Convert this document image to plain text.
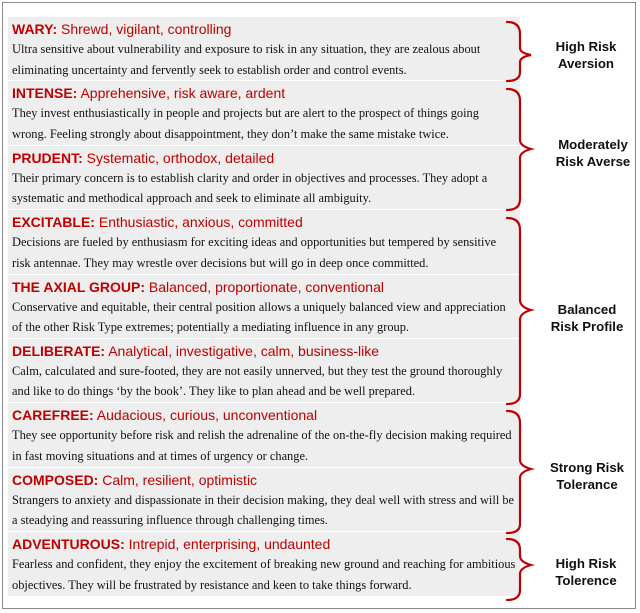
WARY: Shrewd, vigilant, controlling
Ultra sensitive about vulnerability and exposure to risk in any situation, they are zealous about eliminating uncertainty and fervently seek to establish order and control events.
INTENSE: Apprehensive, risk aware, ardent
They invest enthusiastically in people and projects but are alert to the prospect of things going wrong. Feeling strongly about disappointment, they don’t make the same mistake twice.
PRUDENT: Systematic, orthodox, detailed
Their primary concern is to establish clarity and order in objectives and processes. They adopt a systematic and methodical approach and seek to eliminate all ambiguity.
EXCITABLE: Enthusiastic, anxious, committed
Decisions are fueled by enthusiasm for exciting ideas and opportunities but tempered by sensitive risk antennae. They may wrestle over decisions but will go in deep once committed.
THE AXIAL GROUP: Balanced, proportionate, conventional
Conservative and equitable, their central position allows a uniquely balanced view and appreciation of the other Risk Type extremes; potentially a mediating influence in any group.
DELIBERATE: Analytical, investigative, calm, business-like
Calm, calculated and sure-footed, they are not easily unnerved, but they test the ground thoroughly and like to do things ‘by the book’. They like to plan ahead and be well prepared.
CAREFREE: Audacious, curious, unconventional
They see opportunity before risk and relish the adrenaline of the on-the-fly decision making required in fast moving situations and at times of urgency or change.
COMPOSED: Calm, resilient, optimistic
Strangers to anxiety and dispassionate in their decision making, they deal well with stress and will be a steadying and reassuring influence through challenging times.
ADVENTUROUS: Intrepid, enterprising, undaunted
Fearless and confident, they enjoy the excitement of breaking new ground and reaching for ambitious objectives. They will be frustrated by resistance and keen to take things forward.
High Risk
Aversion
Moderately
Risk Averse
Balanced
Risk Profile
Strong Risk
Tolerance
High Risk
Tolerence
